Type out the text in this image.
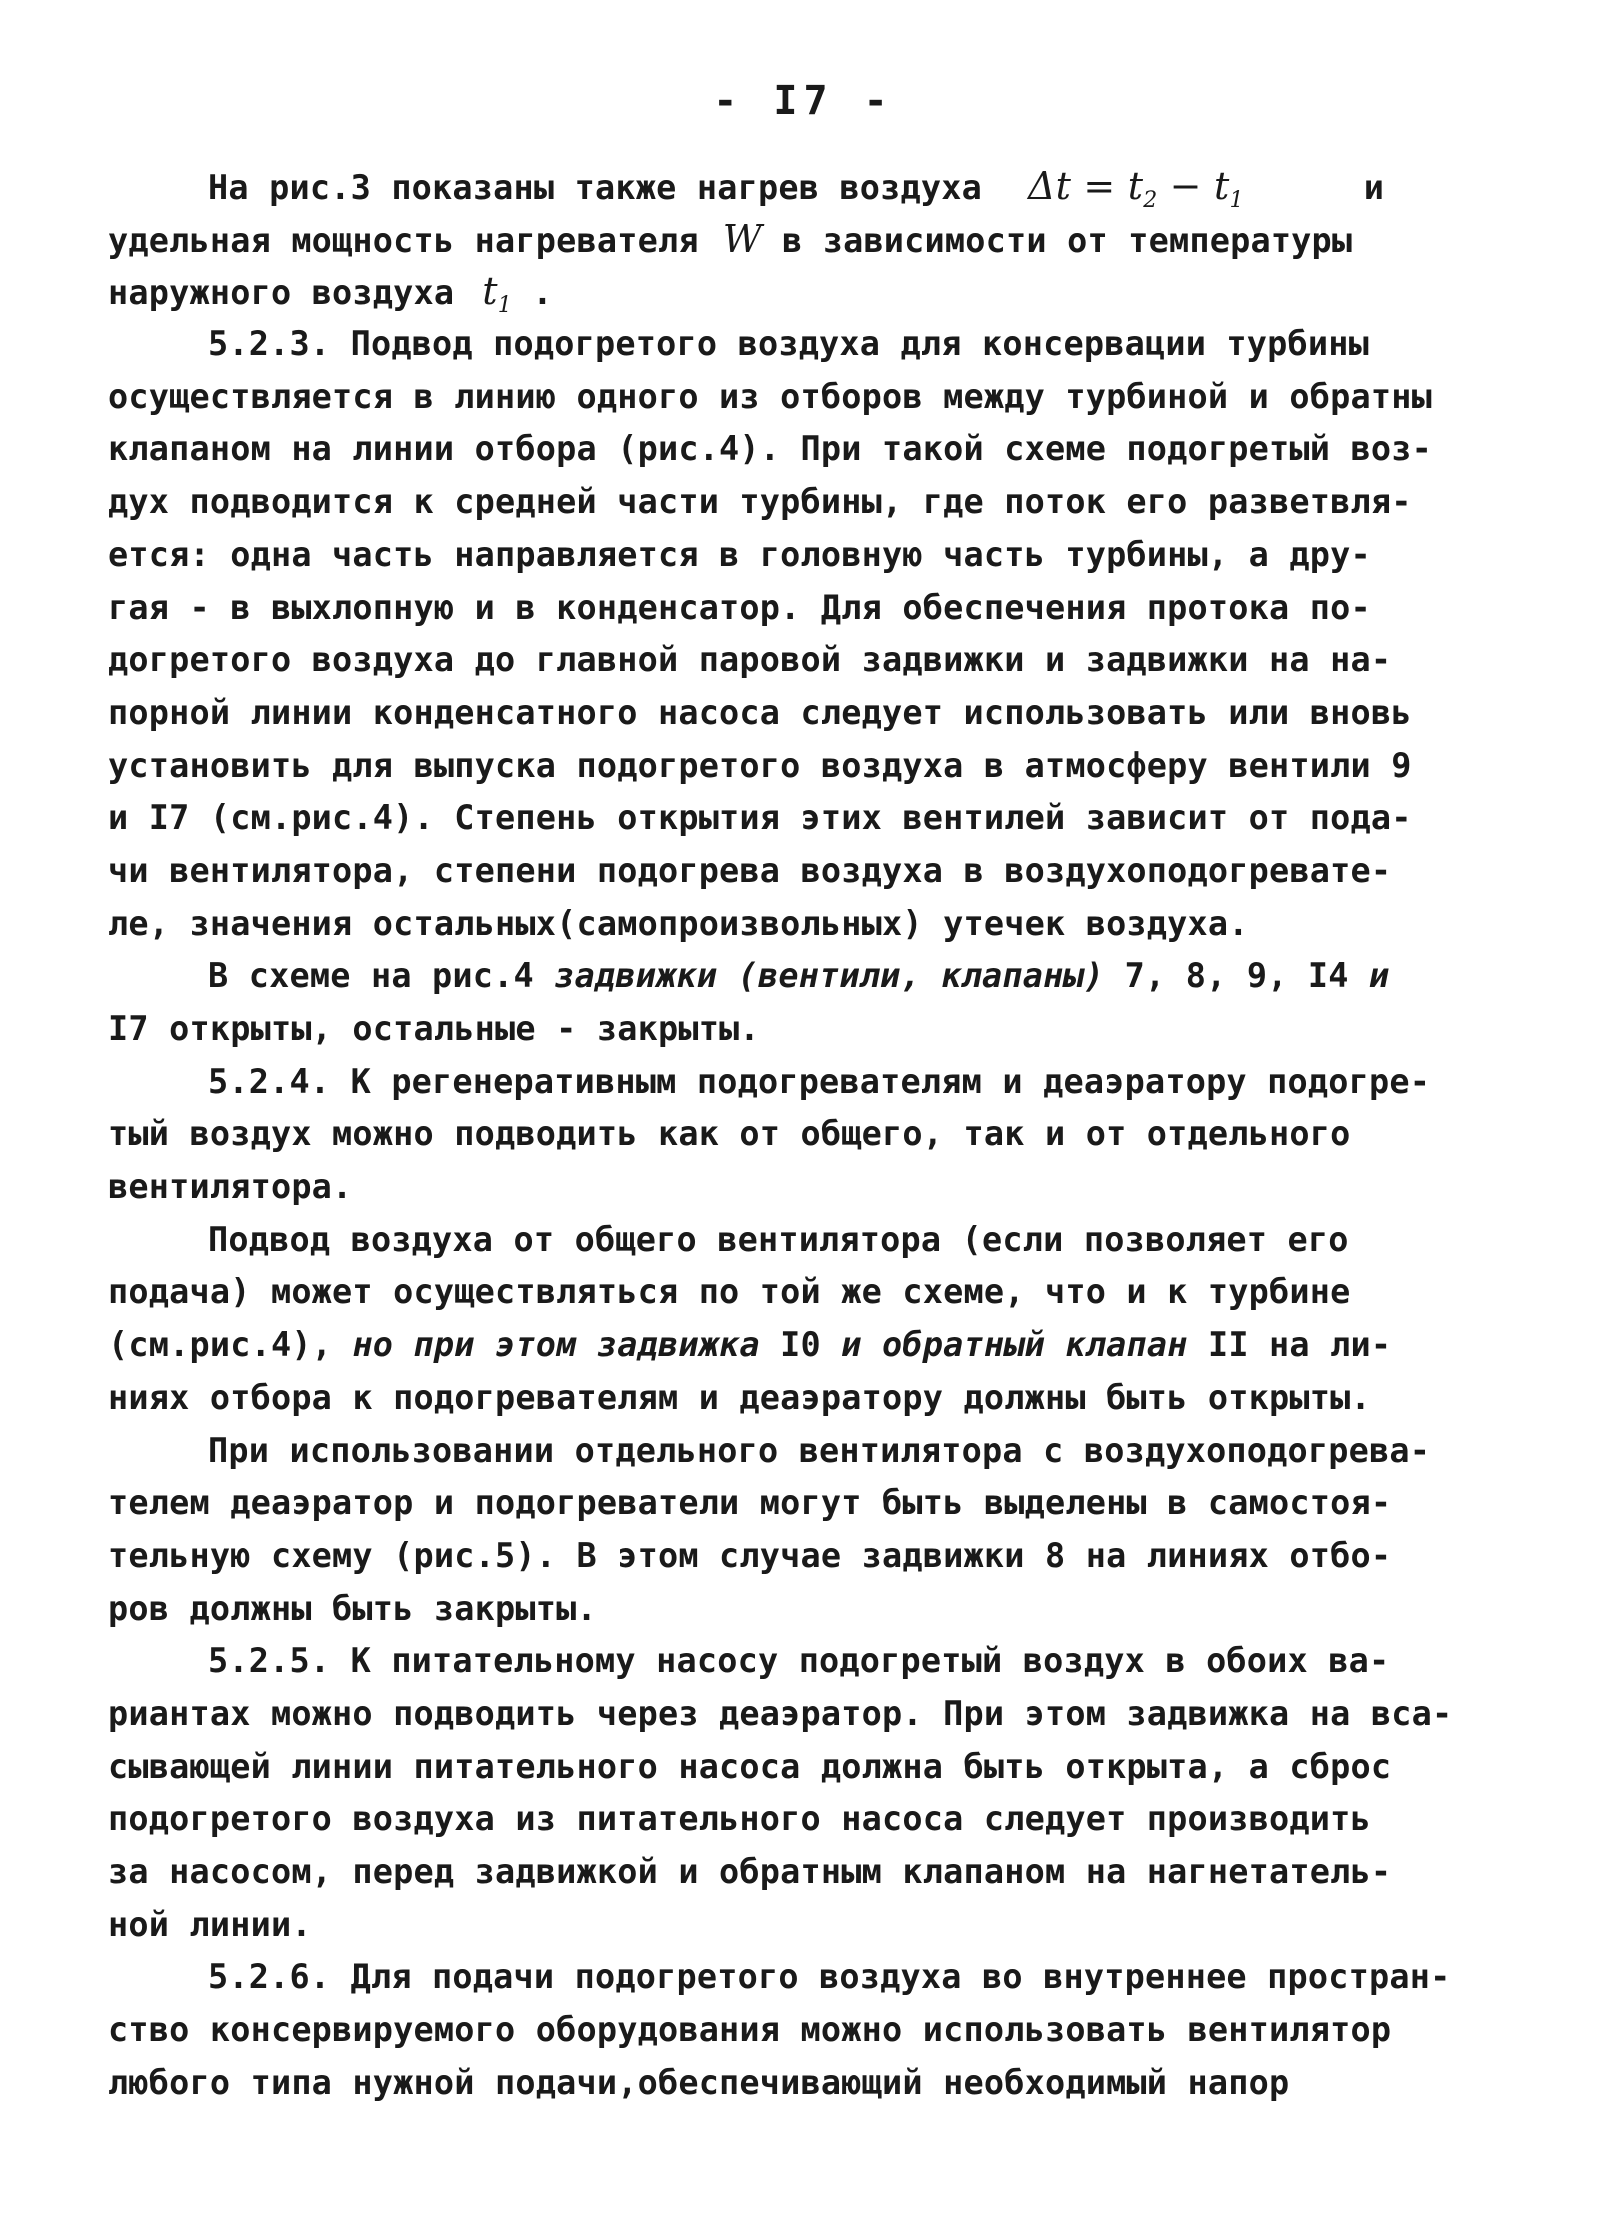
- I7 -
На рис.3 показаны также нагрев воздуха $\Delta t = t_2 - t_1$	и
удельная мощность нагревателя W в зависимости от температуры
наружного воздуха $t_1$ .
5.2.3. Подвод подогретого воздуха для консервации турбины
осуществляется в линию одного из отборов между турбиной и обратны
клапаном на линии отбора (рис.4). При такой схеме подогретый воз-
дух подводится к средней части турбины, где поток его разветвля-
ется: одна часть направляется в головную часть турбины, а дру-
гая - в выхлопную и в конденсатор. Для обеспечения протока по-
догретого воздуха до главной паровой задвижки и задвижки на на-
порной линии конденсатного насоса следует использовать или вновь
установить для выпуска подогретого воздуха в атмосферу вентили 9
и I7 (см.рис.4). Степень открытия этих вентилей зависит от пода-
чи вентилятора, степени подогрева воздуха в воздухоподогревате-
ле, значения остальных(самопроизвольных) утечек воздуха.
В схеме на рис.4 задвижки (вентили, клапаны) 7, 8, 9, I4 и
I7 открыты, остальные - закрыты.
5.2.4. К регенеративным подогревателям и деаэратору подогре-
тый воздух можно подводить как от общего, так и от отдельного
вентилятора.
Подвод воздуха от общего вентилятора (если позволяет его
подача) может осуществляться по той же схеме, что и к турбине
(см.рис.4), но при этом задвижка I0 и обратный клапан II на ли-
ниях отбора к подогревателям и деаэратору должны быть открыты.
При использовании отдельного вентилятора с воздухоподогрева-
телем деаэратор и подогреватели могут быть выделены в самостоя-
тельную схему (рис.5). В этом случае задвижки 8 на линиях отбо-
ров должны быть закрыты.
5.2.5. К питательному насосу подогретый воздух в обоих ва-
риантах можно подводить через деаэратор. При этом задвижка на вса-
сывающей линии питательного насоса должна быть открыта, а сброс
подогретого воздуха из питательного насоса следует производить
за насосом, перед задвижкой и обратным клапаном на нагнетатель-
ной линии.
5.2.6. Для подачи подогретого воздуха во внутреннее простран-
ство консервируемого оборудования можно использовать вентилятор
любого типа нужной подачи,обеспечивающий необходимый напор
